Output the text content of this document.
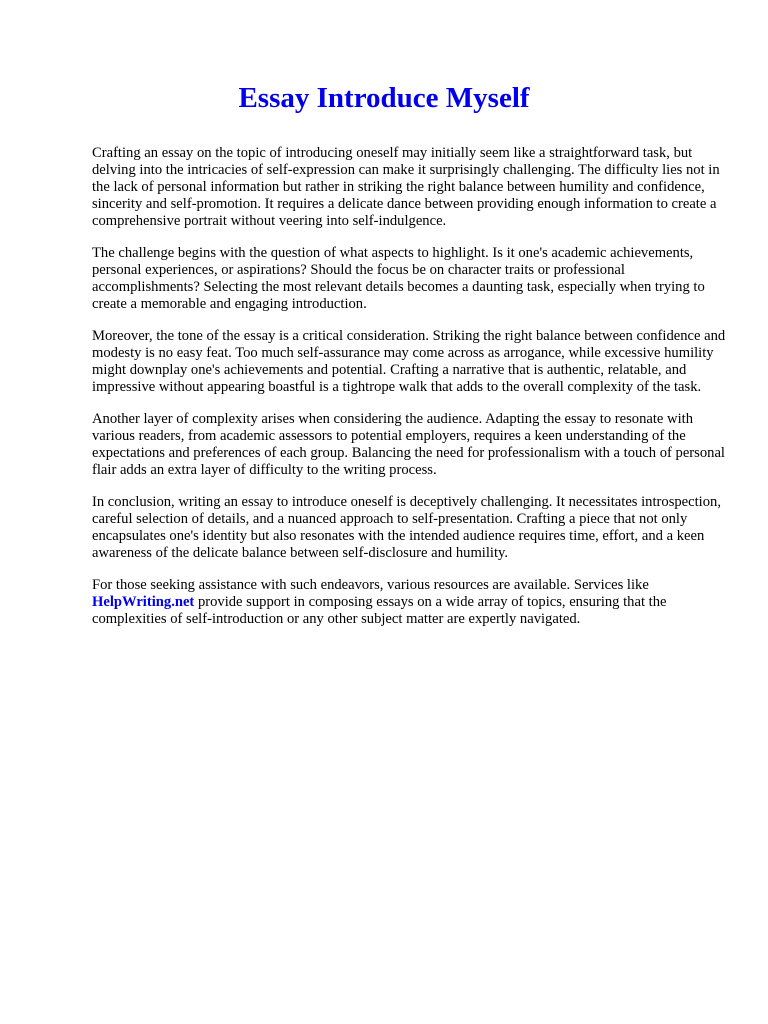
Essay Introduce Myself

Crafting an essay on the topic of introducing oneself may initially seem like a straightforward task, but delving into the intricacies of self-expression can make it surprisingly challenging. The difficulty lies not in the lack of personal information but rather in striking the right balance between humility and confidence, sincerity and self-promotion. It requires a delicate dance between providing enough information to create a comprehensive portrait without veering into self-indulgence.

The challenge begins with the question of what aspects to highlight. Is it one's academic achievements, personal experiences, or aspirations? Should the focus be on character traits or professional accomplishments? Selecting the most relevant details becomes a daunting task, especially when trying to create a memorable and engaging introduction.

Moreover, the tone of the essay is a critical consideration. Striking the right balance between confidence and modesty is no easy feat. Too much self-assurance may come across as arrogance, while excessive humility might downplay one's achievements and potential. Crafting a narrative that is authentic, relatable, and impressive without appearing boastful is a tightrope walk that adds to the overall complexity of the task.

Another layer of complexity arises when considering the audience. Adapting the essay to resonate with various readers, from academic assessors to potential employers, requires a keen understanding of the expectations and preferences of each group. Balancing the need for professionalism with a touch of personal flair adds an extra layer of difficulty to the writing process.

In conclusion, writing an essay to introduce oneself is deceptively challenging. It necessitates introspection, careful selection of details, and a nuanced approach to self-presentation. Crafting a piece that not only encapsulates one's identity but also resonates with the intended audience requires time, effort, and a keen awareness of the delicate balance between self-disclosure and humility.

For those seeking assistance with such endeavors, various resources are available. Services like HelpWriting.net provide support in composing essays on a wide array of topics, ensuring that the complexities of self-introduction or any other subject matter are expertly navigated.
